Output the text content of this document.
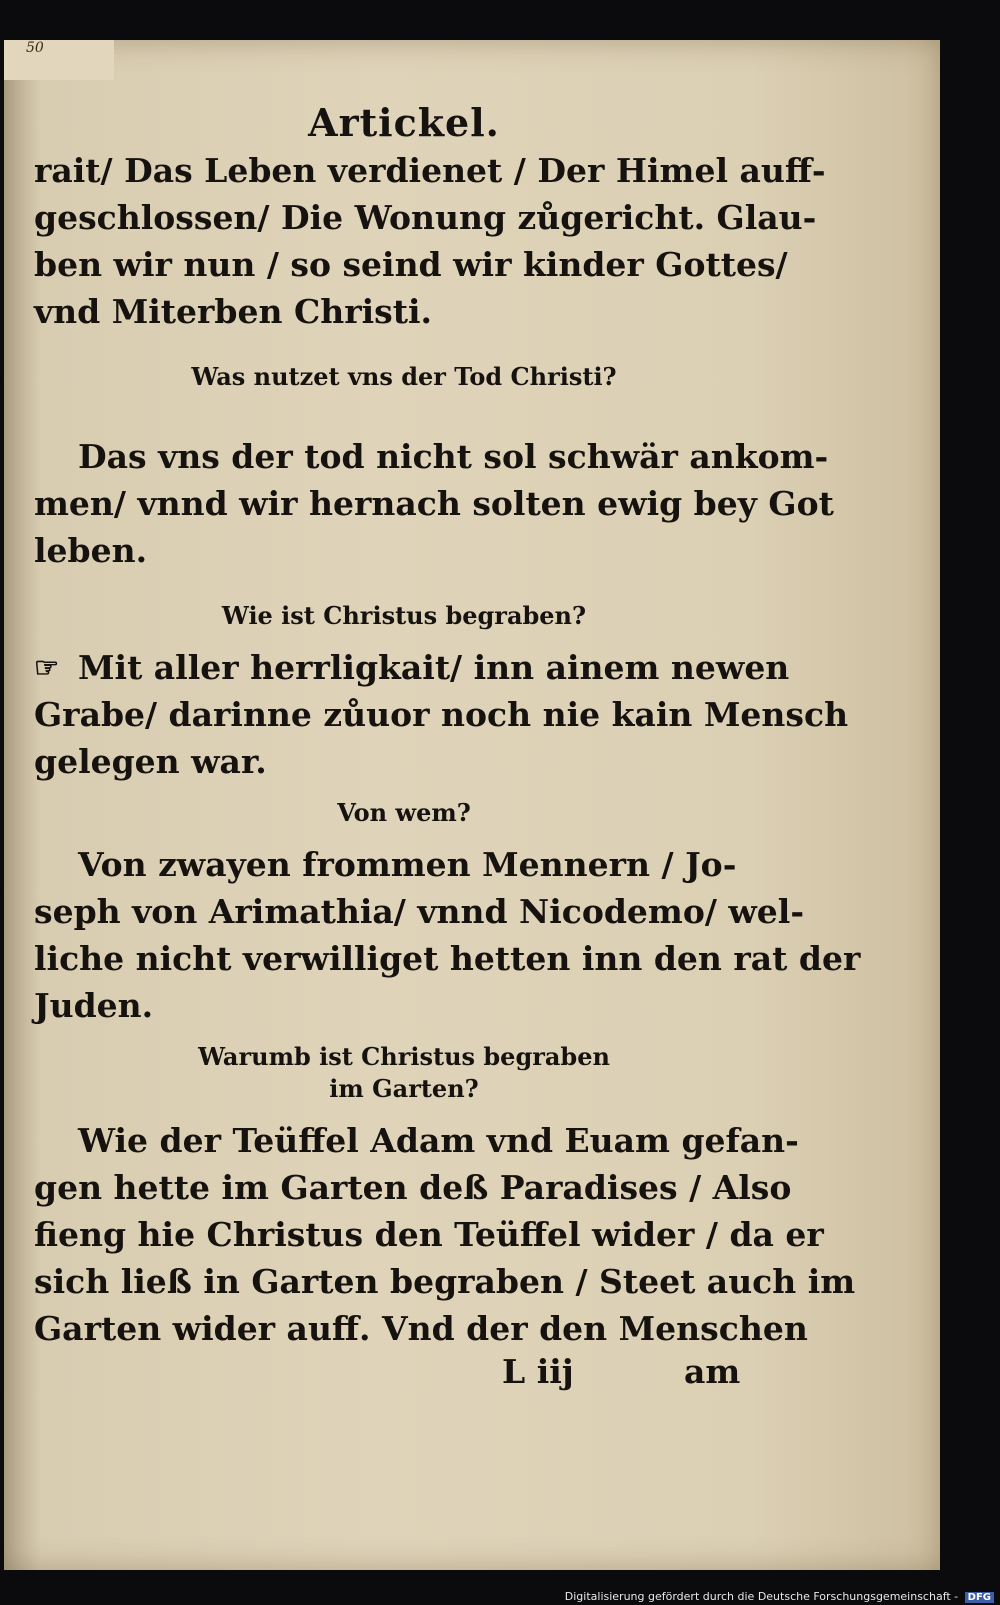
50
Artickel.
rait/ Das Leben verdienet / Der Himel auff-
geschlossen/ Die Wonung zůgericht. Glau-
ben wir nun / so seind wir kinder Gottes/
vnd Miterben Christi.
Was nutzet vns der Tod Christi?
Das vns der tod nicht sol schwär ankom-
men/ vnnd wir hernach solten ewig bey Got
leben.
Wie ist Christus begraben?
☞ Mit aller herrligkait/ inn ainem newen
Grabe/ darinne zůuor noch nie kain Mensch
gelegen war.
Von wem?
Von zwayen frommen Mennern / Jo-
seph von Arimathia/ vnnd Nicodemo/ wel-
liche nicht verwilliget hetten inn den rat der
Juden.
Warumb ist Christus begraben
im Garten?
Wie der Teüffel Adam vnd Euam gefan-
gen hette im Garten deß Paradises / Also
fieng hie Christus den Teüffel wider / da er
sich ließ in Garten begraben / Steet auch im
Garten wider auff. Vnd der den Menschen
L iij	am
Digitalisierung gefördert durch die Deutsche Forschungsgemeinschaft - DFG
